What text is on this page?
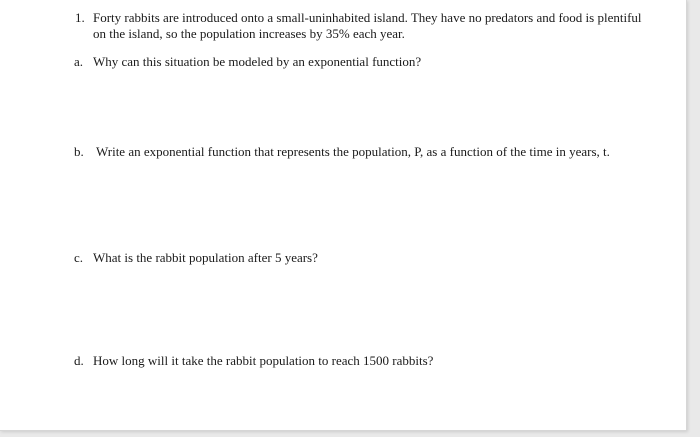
1. Forty rabbits are introduced onto a small-uninhabited island. They have no predators and food is plentiful on the island, so the population increases by 35% each year.
a. Why can this situation be modeled by an exponential function?
b. Write an exponential function that represents the population, P, as a function of the time in years, t.
c. What is the rabbit population after 5 years?
d. How long will it take the rabbit population to reach 1500 rabbits?
